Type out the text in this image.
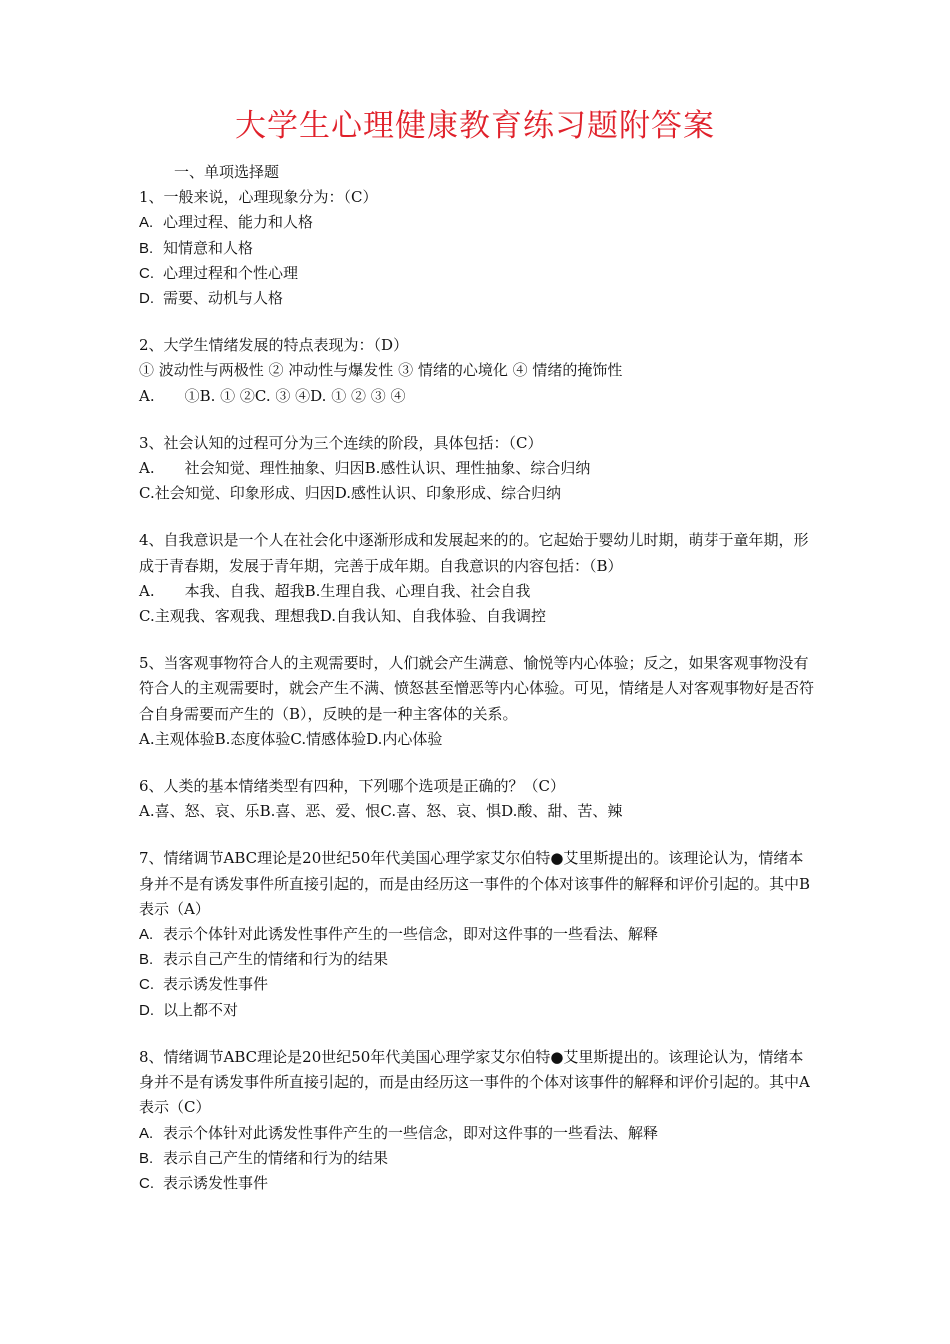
大学生心理健康教育练习题附答案

一、单项选择题

1、一般来说，心理现象分为：（C）

A. 心理过程、能力和人格

B. 知情意和人格

C. 心理过程和个性心理

D. 需要、动机与人格

2、大学生情绪发展的特点表现为：（D）

① 波动性与两极性 ② 冲动性与爆发性 ③ 情绪的心境化 ④ 情绪的掩饰性

A.　　①B. ① ②C. ③ ④D. ① ② ③ ④

3、社会认知的过程可分为三个连续的阶段，具体包括：（C）

A.　　社会知觉、理性抽象、归因B.感性认识、理性抽象、综合归纳

C.社会知觉、印象形成、归因D.感性认识、印象形成、综合归纳

4、自我意识是一个人在社会化中逐渐形成和发展起来的的。它起始于婴幼儿时期，萌芽于童年期，形成于青春期，发展于青年期，完善于成年期。自我意识的内容包括：（B）

A.　　本我、自我、超我B.生理自我、心理自我、社会自我

C.主观我、客观我、理想我D.自我认知、自我体验、自我调控

5、当客观事物符合人的主观需要时，人们就会产生满意、愉悦等内心体验；反之，如果客观事物没有符合人的主观需要时，就会产生不满、愤怒甚至憎恶等内心体验。可见，情绪是人对客观事物好是否符合自身需要而产生的（B），反映的是一种主客体的关系。

A.主观体验B.态度体验C.情感体验D.内心体验

6、人类的基本情绪类型有四种，下列哪个选项是正确的？（C）

A.喜、怒、哀、乐B.喜、恶、爱、恨C.喜、怒、哀、惧D.酸、甜、苦、辣

7、情绪调节ABC理论是20世纪50年代美国心理学家艾尔伯特●艾里斯提出的。该理论认为，情绪本身并不是有诱发事件所直接引起的，而是由经历这一事件的个体对该事件的解释和评价引起的。其中B表示（A）

A. 表示个体针对此诱发性事件产生的一些信念，即对这件事的一些看法、解释

B. 表示自己产生的情绪和行为的结果

C. 表示诱发性事件

D. 以上都不对

8、情绪调节ABC理论是20世纪50年代美国心理学家艾尔伯特●艾里斯提出的。该理论认为，情绪本身并不是有诱发事件所直接引起的，而是由经历这一事件的个体对该事件的解释和评价引起的。其中A表示（C）

A. 表示个体针对此诱发性事件产生的一些信念，即对这件事的一些看法、解释

B. 表示自己产生的情绪和行为的结果

C. 表示诱发性事件
